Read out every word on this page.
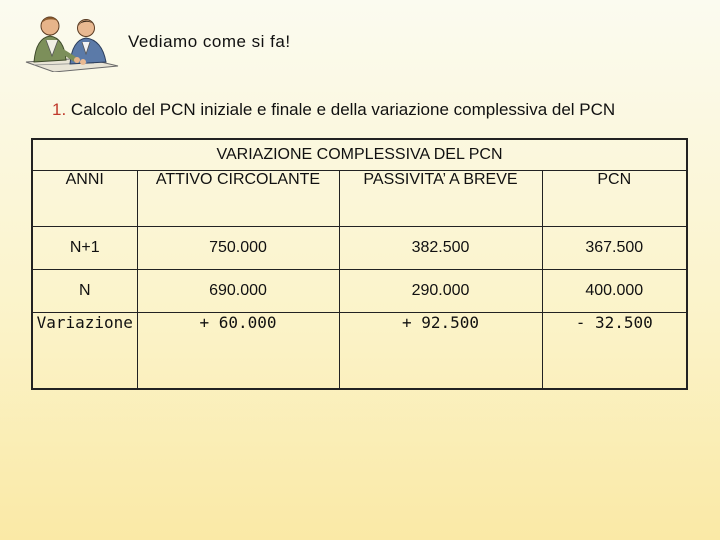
Vediamo come si fa!
1. Calcolo del PCN iniziale e finale e della variazione complessiva del PCN
VARIAZIONE COMPLESSIVA DEL PCN			
ANNI	ATTIVO CIRCOLANTE	PASSIVITA’ A BREVE	PCN
N+1	750.000	382.500	367.500
N	690.000	290.000	400.000
Variazione	+ 60.000	+ 92.500	- 32.500
